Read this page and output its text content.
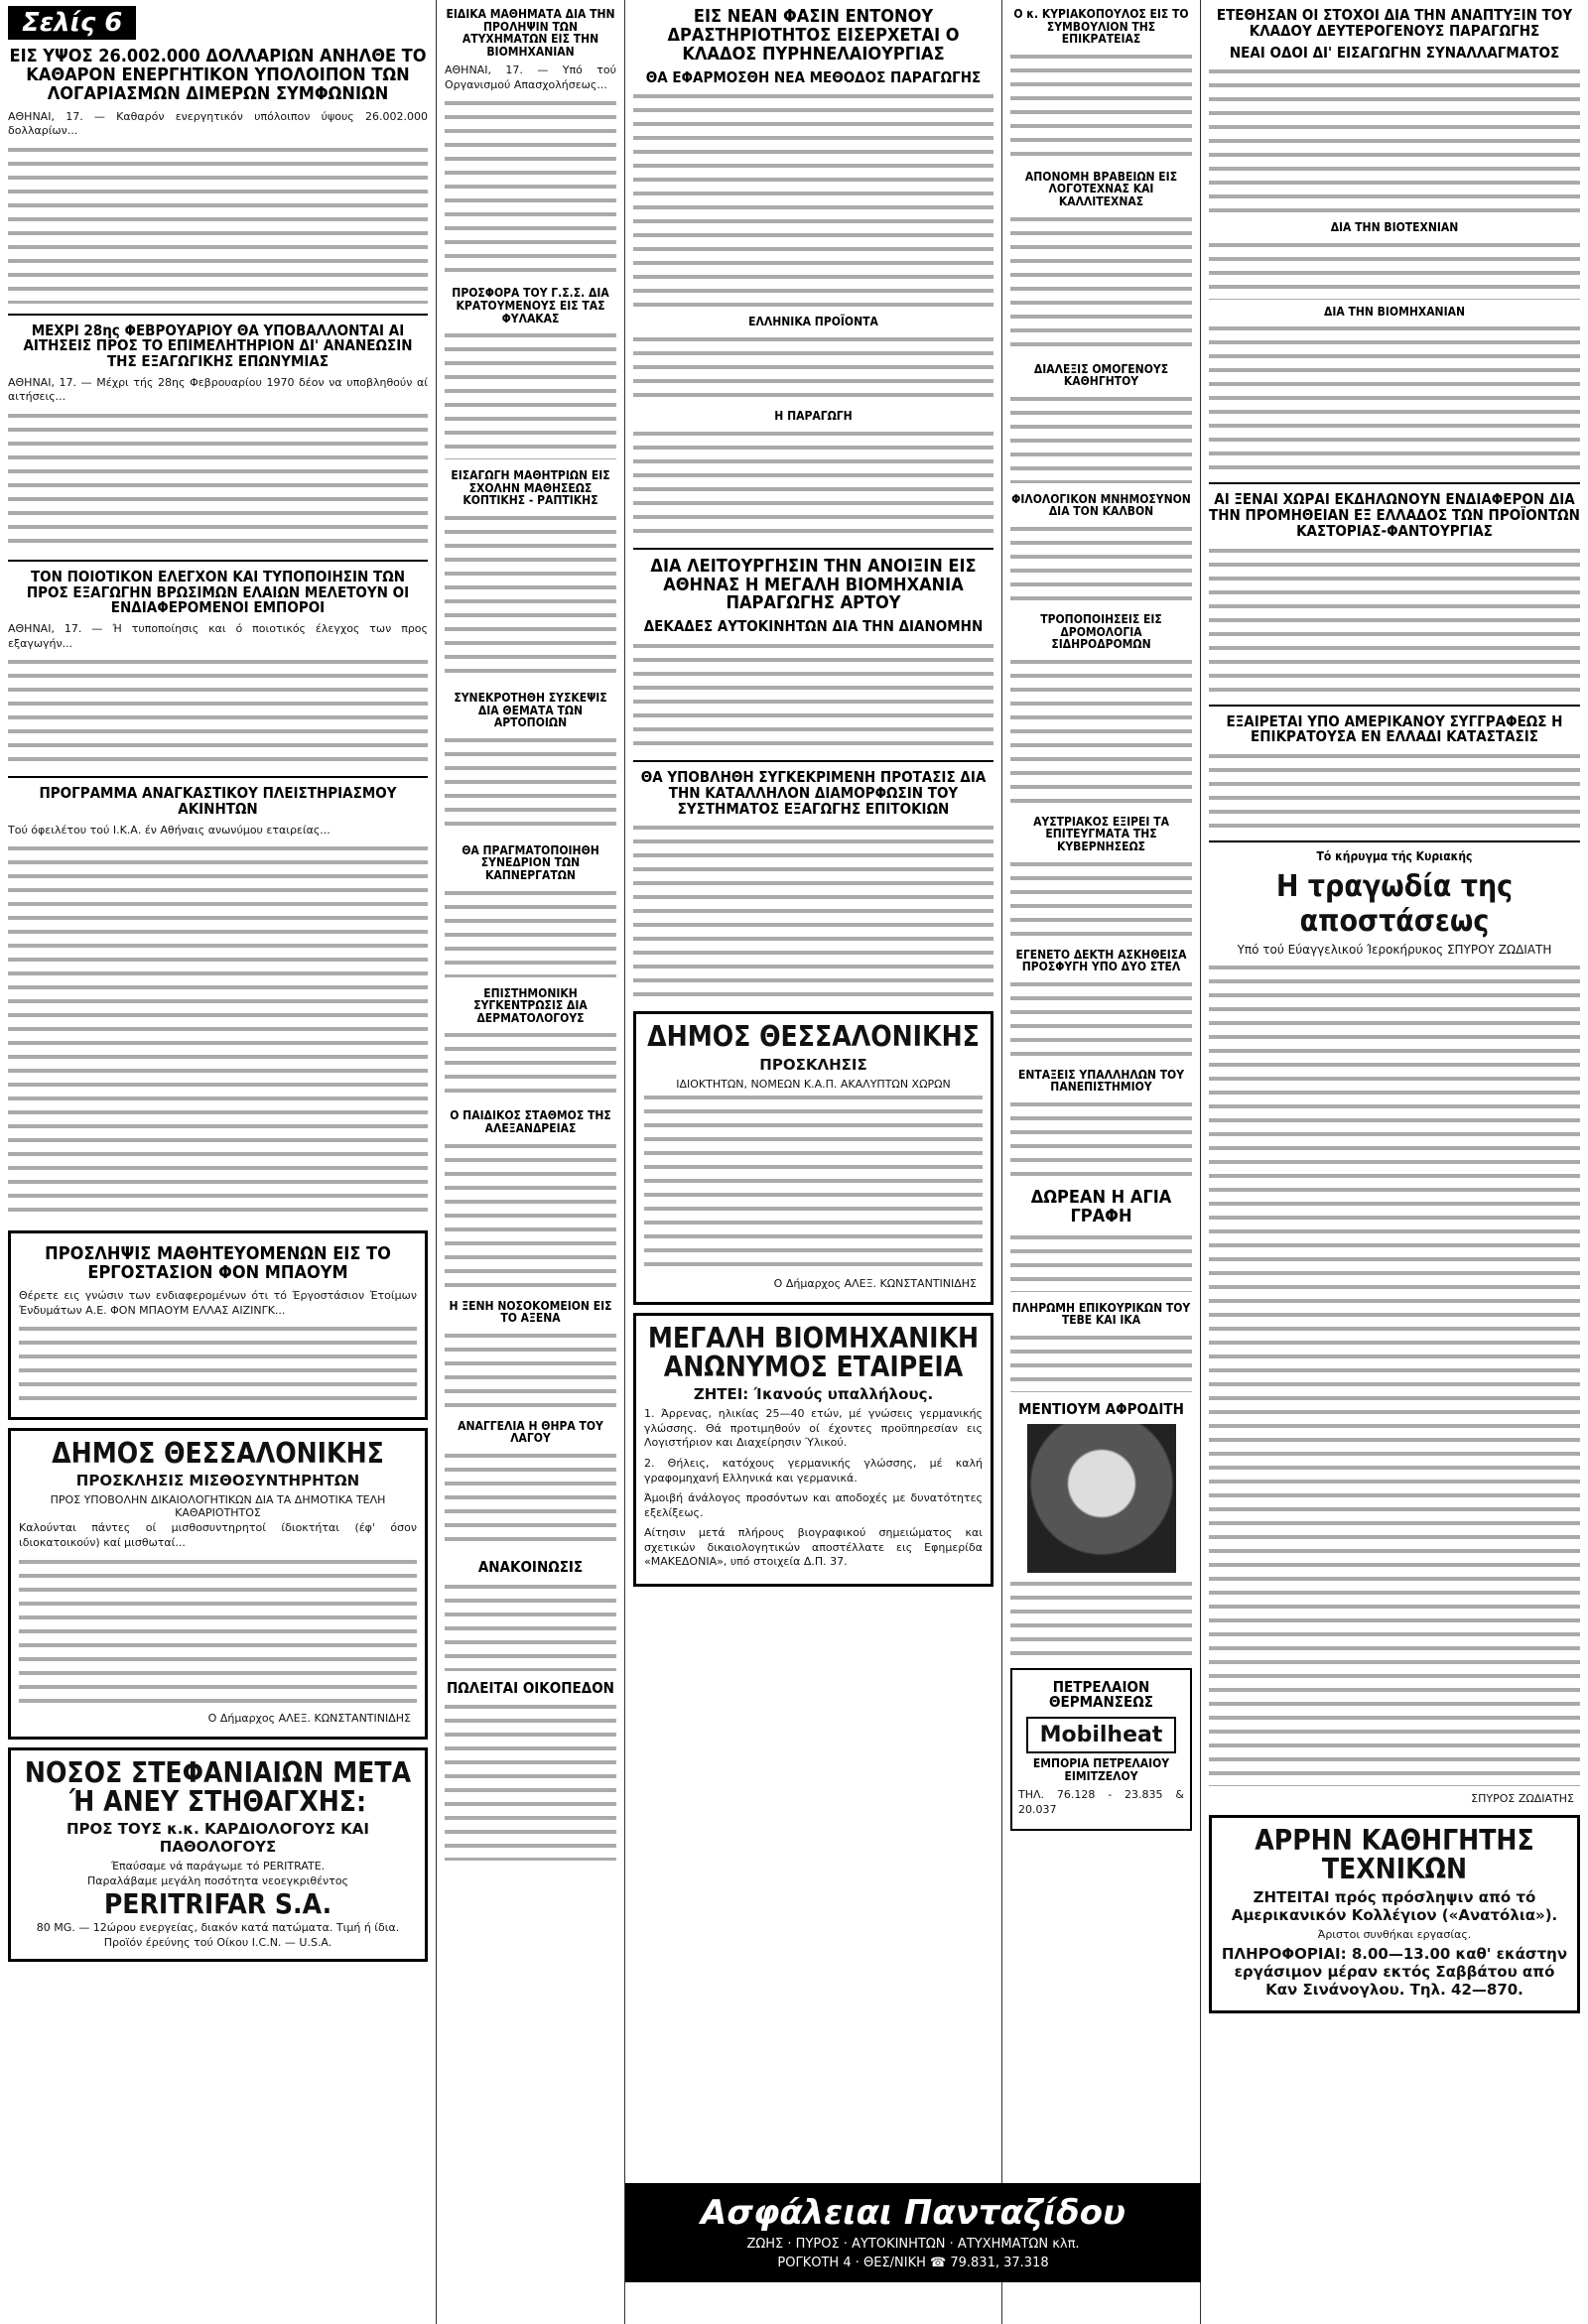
Σελίς 6
ΕΙΣ ΥΨΟΣ 26.002.000 ΔΟΛΛΑΡΙΩΝ ΑΝΗΛΘΕ ΤΟ ΚΑΘΑΡΟΝ ΕΝΕΡΓΗΤΙΚΟΝ ΥΠΟΛΟΙΠΟΝ ΤΩΝ ΛΟΓΑΡΙΑΣΜΩΝ ΔΙΜΕΡΩΝ ΣΥΜΦΩΝΙΩΝ

ΑΘΗΝΑΙ, 17. — Καθαρόν ενεργητικόν υπόλοιπον ύψους 26.002.000 δολλαρίων...

ΜΕΧΡΙ 28ης ΦΕΒΡΟΥΑΡΙΟΥ ΘΑ ΥΠΟΒΑΛΛΟΝΤΑΙ ΑΙ ΑΙΤΗΣΕΙΣ ΠΡΟΣ ΤΟ ΕΠΙΜΕΛΗΤΗΡΙΟΝ ΔΙ' ΑΝΑΝΕΩΣΙΝ ΤΗΣ ΕΞΑΓΩΓΙΚΗΣ ΕΠΩΝΥΜΙΑΣ

ΑΘΗΝΑΙ, 17. — Μέχρι τής 28ης Φεβρουαρίου 1970 δέον να υποβληθούν αί αιτήσεις...

ΤΟΝ ΠΟΙΟΤΙΚΟΝ ΕΛΕΓΧΟΝ ΚΑΙ ΤΥΠΟΠΟΙΗΣΙΝ ΤΩΝ ΠΡΟΣ ΕΞΑΓΩΓΗΝ ΒΡΩΣΙΜΩΝ ΕΛΑΙΩΝ ΜΕΛΕΤΟΥΝ ΟΙ ΕΝΔΙΑΦΕΡΟΜΕΝΟΙ ΕΜΠΟΡΟΙ

ΑΘΗΝΑΙ, 17. — Ή τυποποίησις και ό ποιοτικός έλεγχος των προς εξαγωγήν...

ΠΡΟΓΡΑΜΜΑ ΑΝΑΓΚΑΣΤΙΚΟΥ ΠΛΕΙΣΤΗΡΙΑΣΜΟΥ ΑΚΙΝΗΤΩΝ

Τού όφειλέτου τού Ι.Κ.Α. έν Αθήναις ανωνύμου εταιρείας...

ΠΡΟΣΛΗΨΙΣ ΜΑΘΗΤΕΥΟΜΕΝΩΝ ΕΙΣ ΤΟ ΕΡΓΟΣΤΑΣΙΟΝ ΦΟΝ ΜΠΑΟΥΜ

Θέρετε εις γνώσιν των ενδιαφερομένων ότι τό Έργοστάσιον Έτοίμων Ένδυμάτων Α.Ε. ΦΟΝ ΜΠΑΟΥΜ ΕΛΛΑΣ ΑΙΖΙΝΓΚ...

ΔΗΜΟΣ ΘΕΣΣΑΛΟΝΙΚΗΣ
ΠΡΟΣΚΛΗΣΙΣ ΜΙΣΘΟΣΥΝΤΗΡΗΤΩΝ
ΠΡΟΣ ΥΠΟΒΟΛΗΝ ΔΙΚΑΙΟΛΟΓΗΤΙΚΩΝ ΔΙΑ ΤΑ ΔΗΜΟΤΙΚΑ ΤΕΛΗ ΚΑΘΑΡΙΟΤΗΤΟΣ

Καλούνται πάντες οί μισθοσυντηρητοί ίδιοκτήται (έφ' όσον ιδιοκατοικούν) καί μισθωταί...

Ο Δήμαρχος ΑΛΕΞ. ΚΩΝΣΤΑΝΤΙΝΙΔΗΣ
ΝΟΣΟΣ ΣΤΕΦΑΝΙΑΙΩΝ ΜΕΤΑ Ή ΑΝΕΥ ΣΤΗΘΑΓΧΗΣ:
ΠΡΟΣ ΤΟΥΣ κ.κ. ΚΑΡΔΙΟΛΟΓΟΥΣ ΚΑΙ ΠΑΘΟΛΟΓΟΥΣ
Έπαύσαμε νά παράγωμε τό PERITRATE.
Παραλάβαμε μεγάλη ποσότητα νεοεγκριθέντος
PERITRIFAR S.A.
80 MG. — 12ώρου ενεργείας, διακόν κατά πατώματα. Τιμή ή ίδια.
Προϊόν έρεύνης τού Οίκου I.C.N. — U.S.A.
ΕΙΔΙΚΑ ΜΑΘΗΜΑΤΑ ΔΙΑ ΤΗΝ ΠΡΟΛΗΨΙΝ ΤΩΝ ΑΤΥΧΗΜΑΤΩΝ ΕΙΣ ΤΗΝ ΒΙΟΜΗΧΑΝΙΑΝ

ΑΘΗΝΑΙ, 17. — Υπό τού Οργανισμού Απασχολήσεως...

ΠΡΟΣΦΟΡΑ ΤΟΥ Γ.Σ.Σ. ΔΙΑ ΚΡΑΤΟΥΜΕΝΟΥΣ ΕΙΣ ΤΑΣ ΦΥΛΑΚΑΣ
ΕΙΣΑΓΩΓΗ ΜΑΘΗΤΡΙΩΝ ΕΙΣ ΣΧΟΛΗΝ ΜΑΘΗΣΕΩΣ ΚΟΠΤΙΚΗΣ - ΡΑΠΤΙΚΗΣ
ΣΥΝΕΚΡΟΤΗΘΗ ΣΥΣΚΕΨΙΣ ΔΙΑ ΘΕΜΑΤΑ ΤΩΝ ΑΡΤΟΠΟΙΩΝ
ΘΑ ΠΡΑΓΜΑΤΟΠΟΙΗΘΗ ΣΥΝΕΔΡΙΟΝ ΤΩΝ ΚΑΠΝΕΡΓΑΤΩΝ
ΕΠΙΣΤΗΜΟΝΙΚΗ ΣΥΓΚΕΝΤΡΩΣΙΣ ΔΙΑ ΔΕΡΜΑΤΟΛΟΓΟΥΣ
Ο ΠΑΙΔΙΚΟΣ ΣΤΑΘΜΟΣ ΤΗΣ ΑΛΕΞΑΝΔΡΕΙΑΣ
Η ΞΕΝΗ ΝΟΣΟΚΟΜΕΙΟΝ ΕΙΣ ΤΟ ΑΞΕΝΑ
ΑΝΑΓΓΕΛΙΑ Η ΘΗΡΑ ΤΟΥ ΛΑΓΟΥ
ΑΝΑΚΟΙΝΩΣΙΣ
ΠΩΛΕΙΤΑΙ ΟΙΚΟΠΕΔΟΝ
ΕΙΣ ΝΕΑΝ ΦΑΣΙΝ ΕΝΤΟΝΟΥ ΔΡΑΣΤΗΡΙΟΤΗΤΟΣ ΕΙΣΕΡΧΕΤΑΙ Ο ΚΛΑΔΟΣ ΠΥΡΗΝΕΛΑΙΟΥΡΓΙΑΣ
ΘΑ ΕΦΑΡΜΟΣΘΗ ΝΕΑ ΜΕΘΟΔΟΣ ΠΑΡΑΓΩΓΗΣ
ΕΛΛΗΝΙΚΑ ΠΡΟΪΟΝΤΑ
Η ΠΑΡΑΓΩΓΗ
ΔΙΑ ΛΕΙΤΟΥΡΓΗΣΙΝ ΤΗΝ ΑΝΟΙΞΙΝ ΕΙΣ ΑΘΗΝΑΣ Η ΜΕΓΑΛΗ ΒΙΟΜΗΧΑΝΙΑ ΠΑΡΑΓΩΓΗΣ ΑΡΤΟΥ
ΔΕΚΑΔΕΣ ΑΥΤΟΚΙΝΗΤΩΝ ΔΙΑ ΤΗΝ ΔΙΑΝΟΜΗΝ
ΘΑ ΥΠΟΒΛΗΘΗ ΣΥΓΚΕΚΡΙΜΕΝΗ ΠΡΟΤΑΣΙΣ ΔΙΑ ΤΗΝ ΚΑΤΑΛΛΗΛΟΝ ΔΙΑΜΟΡΦΩΣΙΝ ΤΟΥ ΣΥΣΤΗΜΑΤΟΣ ΕΞΑΓΩΓΗΣ ΕΠΙΤΟΚΙΩΝ
ΔΗΜΟΣ ΘΕΣΣΑΛΟΝΙΚΗΣ
ΠΡΟΣΚΛΗΣΙΣ
ΙΔΙΟΚΤΗΤΩΝ, ΝΟΜΕΩΝ Κ.Α.Π. ΑΚΑΛΥΠΤΩΝ ΧΩΡΩΝ
Ο Δήμαρχος ΑΛΕΞ. ΚΩΝΣΤΑΝΤΙΝΙΔΗΣ
ΜΕΓΑΛΗ ΒΙΟΜΗΧΑΝΙΚΗ ΑΝΩΝΥΜΟΣ ΕΤΑΙΡΕΙΑ
ΖΗΤΕΙ: Ίκανούς υπαλλήλους.

1. Άρρενας, ηλικίας 25—40 ετών, μέ γνώσεις γερμανικής γλώσσης. Θά προτιμηθούν οί έχοντες προϋπηρεσίαν εις Λογιστήριον και Διαχείρησιν Ύλικού.

2. Θήλεις, κατόχους γερμανικής γλώσσης, μέ καλή γραφομηχανή Ελληνικά και γερμανικά.

Άμοιβή άνάλογος προσόντων και αποδοχές με δυνατότητες εξελίξεως.

Αίτησιν μετά πλήρους βιογραφικού σημειώματος και σχετικών δικαιολογητικών αποστέλλατε εις Εφημερίδα «ΜΑΚΕΔΟΝΙΑ», υπό στοιχεία Δ.Π. 37.

Ο κ. ΚΥΡΙΑΚΟΠΟΥΛΟΣ ΕΙΣ ΤΟ ΣΥΜΒΟΥΛΙΟΝ ΤΗΣ ΕΠΙΚΡΑΤΕΙΑΣ
ΑΠΟΝΟΜΗ ΒΡΑΒΕΙΩΝ ΕΙΣ ΛΟΓΟΤΕΧΝΑΣ ΚΑΙ ΚΑΛΛΙΤΕΧΝΑΣ
ΔΙΑΛΕΞΙΣ ΟΜΟΓΕΝΟΥΣ ΚΑΘΗΓΗΤΟΥ
ΦΙΛΟΛΟΓΙΚΟΝ ΜΝΗΜΟΣΥΝΟΝ ΔΙΑ ΤΟΝ ΚΑΛΒΟΝ
ΤΡΟΠΟΠΟΙΗΣΕΙΣ ΕΙΣ ΔΡΟΜΟΛΟΓΙΑ ΣΙΔΗΡΟΔΡΟΜΩΝ
ΑΥΣΤΡΙΑΚΟΣ ΕΞΙΡΕΙ ΤΑ ΕΠΙΤΕΥΓΜΑΤΑ ΤΗΣ ΚΥΒΕΡΝΗΣΕΩΣ
ΕΓΕΝΕΤΟ ΔΕΚΤΗ ΑΣΚΗΘΕΙΣΑ ΠΡΟΣΦΥΓΗ ΥΠΟ ΔΥΟ ΣΤΕΛ
ΕΝΤΑΞΕΙΣ ΥΠΑΛΛΗΛΩΝ ΤΟΥ ΠΑΝΕΠΙΣΤΗΜΙΟΥ
ΔΩΡΕΑΝ Η ΑΓΙΑ ΓΡΑΦΗ
ΠΛΗΡΩΜΗ ΕΠΙΚΟΥΡΙΚΩΝ ΤΟΥ ΤΕΒΕ ΚΑΙ ΙΚΑ
ΜΕΝΤΙΟΥΜ ΑΦΡΟΔΙΤΗ
ΠΕΤΡΕΛΑΙΟΝ ΘΕΡΜΑΝΣΕΩΣ
Mobilheat
ΕΜΠΟΡΙΑ ΠΕΤΡΕΛΑΙΟΥ ΕΙΜΙΤΖΕΛΟΥ
ΤΗΛ. 76.128 - 23.835 & 20.037
ΕΤΕΘΗΣΑΝ ΟΙ ΣΤΟΧΟΙ ΔΙΑ ΤΗΝ ΑΝΑΠΤΥΞΙΝ ΤΟΥ ΚΛΑΔΟΥ ΔΕΥΤΕΡΟΓΕΝΟΥΣ ΠΑΡΑΓΩΓΗΣ
ΝΕΑΙ ΟΔΟΙ ΔΙ' ΕΙΣΑΓΩΓΗΝ ΣΥΝΑΛΛΑΓΜΑΤΟΣ
ΔΙΑ ΤΗΝ ΒΙΟΤΕΧΝΙΑΝ
ΔΙΑ ΤΗΝ ΒΙΟΜΗΧΑΝΙΑΝ
ΑΙ ΞΕΝΑΙ ΧΩΡΑΙ ΕΚΔΗΛΩΝΟΥΝ ΕΝΔΙΑΦΕΡΟΝ ΔΙΑ ΤΗΝ ΠΡΟΜΗΘΕΙΑΝ ΕΞ ΕΛΛΑΔΟΣ ΤΩΝ ΠΡΟΪΟΝΤΩΝ ΚΑΣΤΟΡΙΑΣ-ΦΑΝΤΟΥΡΓΙΑΣ
ΕΞΑΙΡΕΤΑΙ ΥΠΟ ΑΜΕΡΙΚΑΝΟΥ ΣΥΓΓΡΑΦΕΩΣ Η ΕΠΙΚΡΑΤΟΥΣΑ ΕΝ ΕΛΛΑΔΙ ΚΑΤΑΣΤΑΣΙΣ
Τό κήρυγμα τής Κυριακής
Η τραγωδία της αποστάσεως
Υπό τού Εύαγγελικού Ίεροκήρυκος ΣΠΥΡΟΥ ΖΩΔΙΑΤΗ
ΣΠΥΡΟΣ ΖΩΔΙΑΤΗΣ
ΑΡΡΗΝ ΚΑΘΗΓΗΤΗΣ ΤΕΧΝΙΚΩΝ
ΖΗΤΕΙΤΑΙ πρός πρόσληψιν από τό Αμερικανικόν Κολλέγιον («Ανατόλια»).
Άριστοι συνθήκαι εργασίας.
ΠΛΗΡΟΦΟΡΙΑΙ: 8.00—13.00 καθ' εκάστην εργάσιμον μέραν εκτός Σαββάτου από Καν Σινάνογλου. Τηλ. 42—870.
Ασφάλειαι Πανταζίδου
ΖΩΗΣ · ΠΥΡΟΣ · ΑΥΤΟΚΙΝΗΤΩΝ · ΑΤΥΧΗΜΑΤΩΝ κλπ.
ΡΟΓΚΟΤΗ 4 · ΘΕΣ/ΝΙΚΗ ☎ 79.831, 37.318
